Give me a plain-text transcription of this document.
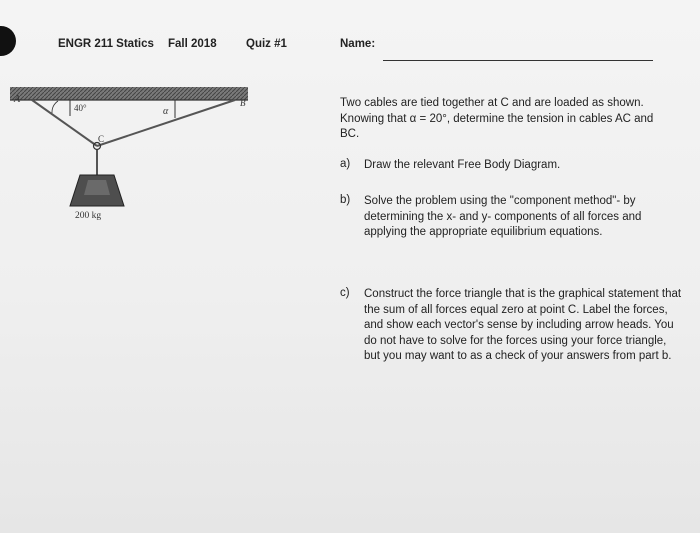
ENGR 211 Statics Fall 2018	Quiz #1	Name:
A	B
C
40°	α
200 kg
Two cables are tied together at C and are loaded as shown. Knowing that α = 20°, determine the tension in cables AC and BC.
a) Draw the relevant Free Body Diagram.
b) Solve the problem using the "component method"- by determining the x- and y- components of all forces and applying the appropriate equilibrium equations.
c) Construct the force triangle that is the graphical statement that the sum of all forces equal zero at point C. Label the forces, and show each vector's sense by including arrow heads. You do not have to solve for the forces using your force triangle, but you may want to as a check of your answers from part b.
